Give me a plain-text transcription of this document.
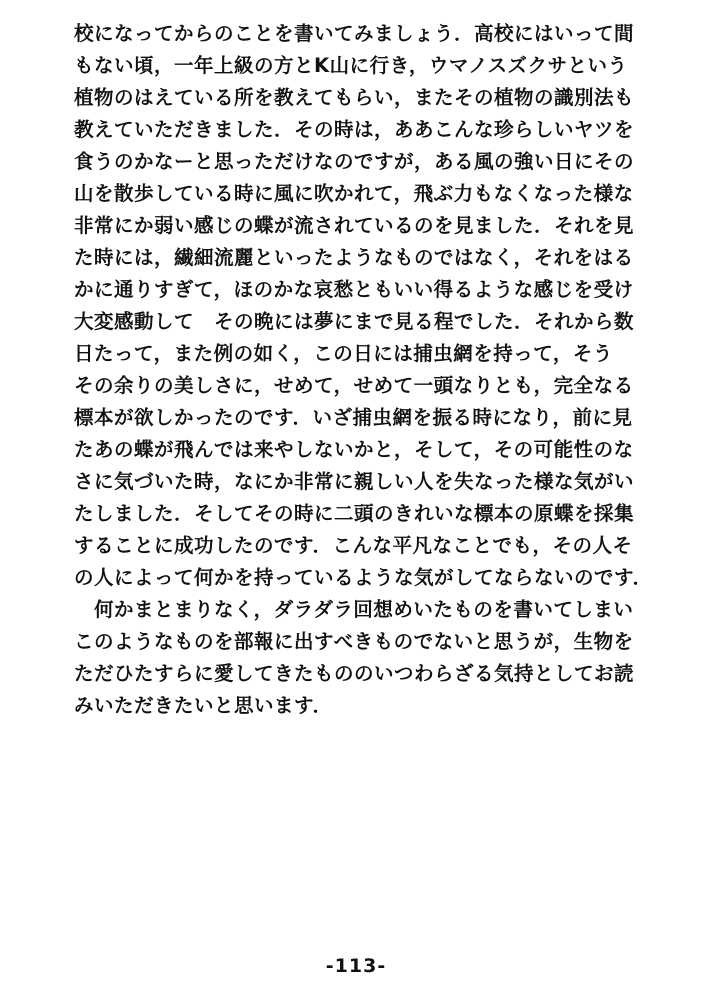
校になってからのことを書いてみましょう．高校にはいって間
もない頃，一年上級の方とK山に行き，ウマノスズクサという
植物のはえている所を教えてもらい，またその植物の識別法も
教えていただきました．その時は，ああこんな珍らしいヤツを
食うのかなーと思っただけなのですが，ある風の強い日にその
山を散歩している時に風に吹かれて，飛ぶ力もなくなった様な
非常にか弱い感じの蝶が流されているのを見ました．それを見
た時には，繊細流麗といったようなものではなく，それをはる
かに通りすぎて，ほのかな哀愁ともいい得るような感じを受け
大変感動して　その晩には夢にまで見る程でした．それから数
日たって，また例の如く，この日には捕虫網を持って，そう
その余りの美しさに，せめて，せめて一頭なりとも，完全なる
標本が欲しかったのです．いざ捕虫網を振る時になり，前に見
たあの蝶が飛んでは来やしないかと，そして，その可能性のな
さに気づいた時，なにか非常に親しい人を失なった様な気がい
たしました．そしてその時に二頭のきれいな標本の原蝶を採集
することに成功したのです．こんな平凡なことでも，その人そ
の人によって何かを持っているような気がしてならないのです．
　何かまとまりなく，ダラダラ回想めいたものを書いてしまい
このようなものを部報に出すべきものでないと思うが，生物を
ただひたすらに愛してきたもののいつわらざる気持としてお読
みいただきたいと思います．
-113-
